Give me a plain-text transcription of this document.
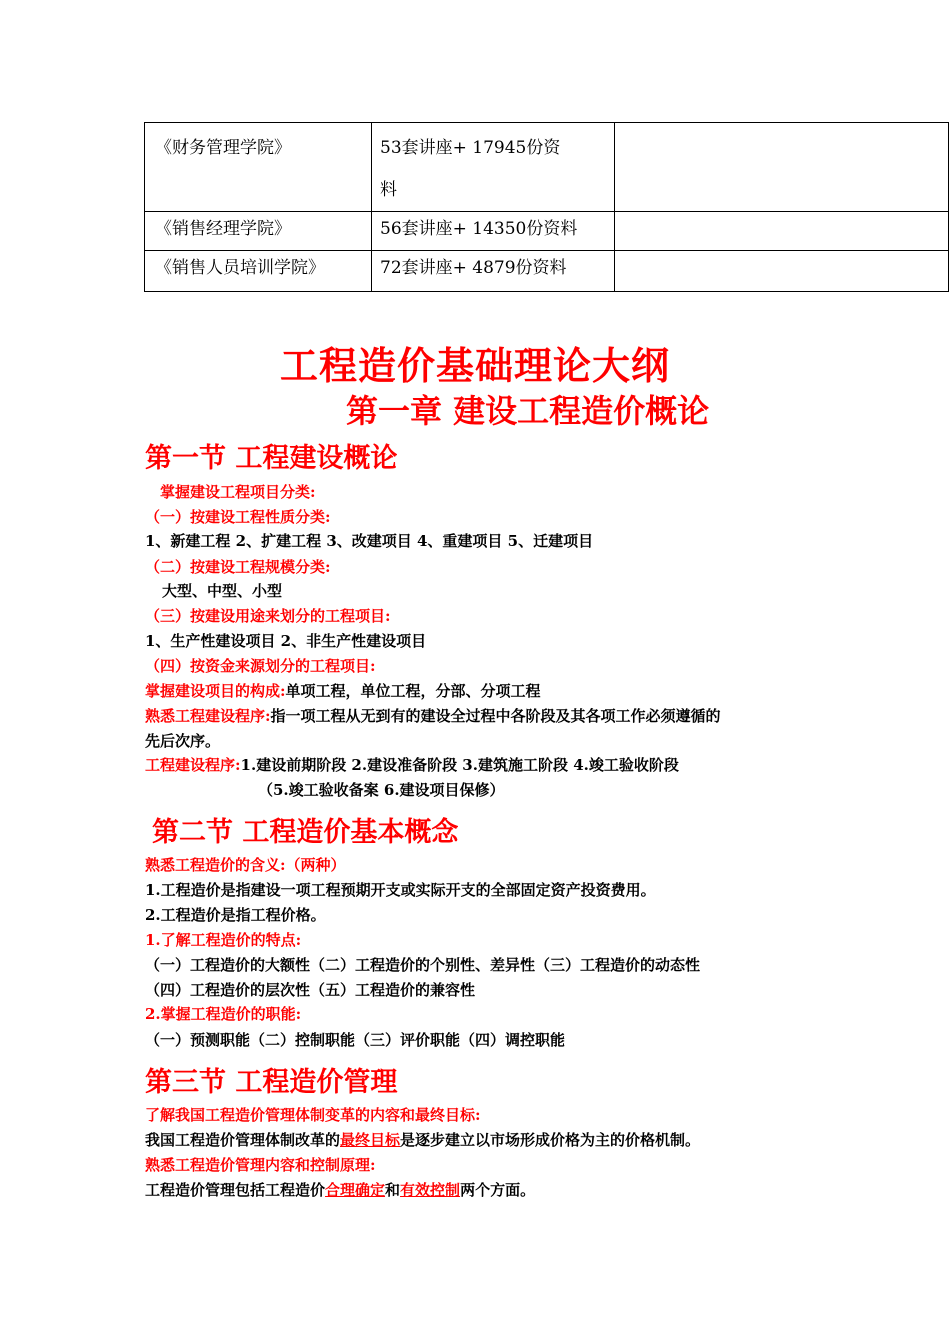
《财务管理学院》	53套讲座+ 17945份资
料	
《销售经理学院》	56套讲座+ 14350份资料	
《销售人员培训学院》	72套讲座+ 4879份资料	
工程造价基础理论大纲
第一章 建设工程造价概论
第一节 工程建设概论
掌握建设工程项目分类:
（一）按建设工程性质分类:
1、新建工程 2、扩建工程 3、改建项目 4、重建项目 5、迁建项目
（二）按建设工程规模分类:
大型、中型、小型
（三）按建设用途来划分的工程项目:
1、生产性建设项目 2、非生产性建设项目
（四）按资金来源划分的工程项目:
掌握建设项目的构成:单项工程，单位工程，分部、分项工程
熟悉工程建设程序:指一项工程从无到有的建设全过程中各阶段及其各项工作必须遵循的
先后次序。
工程建设程序:1.建设前期阶段 2.建设准备阶段 3.建筑施工阶段 4.竣工验收阶段
（5.竣工验收备案 6.建设项目保修）
第二节 工程造价基本概念
熟悉工程造价的含义:（两种）
1.工程造价是指建设一项工程预期开支或实际开支的全部固定资产投资费用。
2.工程造价是指工程价格。
1.了解工程造价的特点:
（一）工程造价的大额性（二）工程造价的个别性、差异性（三）工程造价的动态性
（四）工程造价的层次性（五）工程造价的兼容性
2.掌握工程造价的职能:
（一）预测职能（二）控制职能（三）评价职能（四）调控职能
第三节 工程造价管理
了解我国工程造价管理体制变革的内容和最终目标:
我国工程造价管理体制改革的最终目标是逐步建立以市场形成价格为主的价格机制。
熟悉工程造价管理内容和控制原理:
工程造价管理包括工程造价合理确定和有效控制两个方面。
